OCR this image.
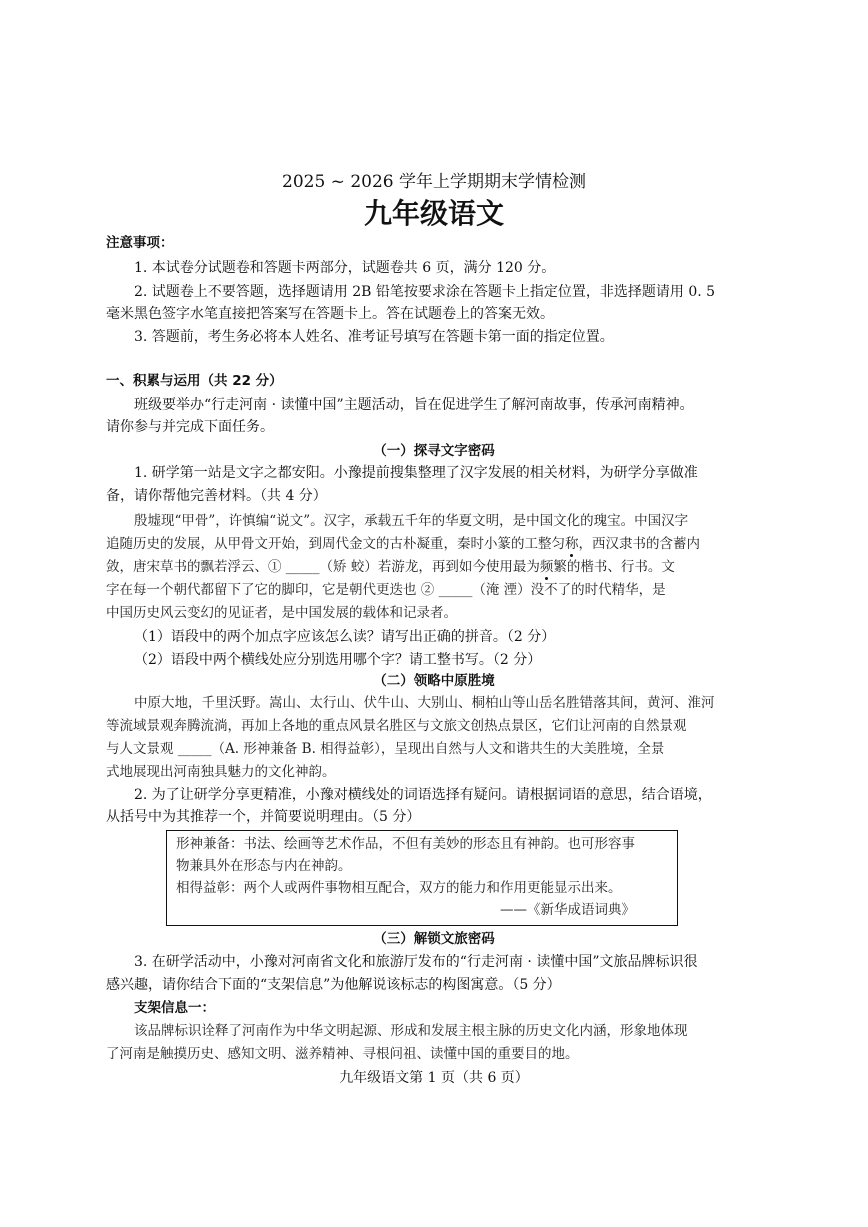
2025 ~ 2026 学年上学期期末学情检测
九年级语文
注意事项：
1. 本试卷分试题卷和答题卡两部分，试题卷共 6 页，满分 120 分。
2. 试题卷上不要答题，选择题请用 2B 铅笔按要求涂在答题卡上指定位置，非选择题请用 0. 5
毫米黑色签字水笔直接把答案写在答题卡上。答在试题卷上的答案无效。
3. 答题前，考生务必将本人姓名、准考证号填写在答题卡第一面的指定位置。
一、积累与运用（共 22 分）
班级要举办“行走河南 · 读懂中国”主题活动，旨在促进学生了解河南故事，传承河南精神。
请你参与并完成下面任务。
（一）探寻文字密码
1. 研学第一站是文字之都安阳。小豫提前搜集整理了汉字发展的相关材料，为研学分享做准
备，请你帮他完善材料。（共 4 分）
殷墟现“甲骨”，许慎编“说文”。汉字，承载五千年的华夏文明，是中国文化的瑰宝。中国汉字
追随历史的发展，从甲骨文开始，到周代金文的古朴凝重，秦时小篆的工整匀称，西汉隶书的含蓄内
敛，唐宋草书的飘若浮云、① _____（矫 蛟）若游龙，再到如今使用最为频繁的楷书、行书。文
字在每一个朝代都留下了它的脚印，它是朝代更迭也 ② _____（淹 湮）没不了的时代精华，是
中国历史风云变幻的见证者，是中国发展的载体和记录者。
（1）语段中的两个加点字应该怎么读？请写出正确的拼音。（2 分）
（2）语段中两个横线处应分别选用哪个字？请工整书写。（2 分）
（二）领略中原胜境
中原大地，千里沃野。嵩山、太行山、伏牛山、大别山、桐柏山等山岳名胜错落其间，黄河、淮河
等流域景观奔腾流淌，再加上各地的重点风景名胜区与文旅文创热点景区，它们让河南的自然景观
与人文景观 _____（A. 形神兼备 B. 相得益彰），呈现出自然与人文和谐共生的大美胜境，全景
式地展现出河南独具魅力的文化神韵。
2. 为了让研学分享更精准，小豫对横线处的词语选择有疑问。请根据词语的意思，结合语境，
从括号中为其推荐一个，并简要说明理由。（5 分）
形神兼备：书法、绘画等艺术作品，不但有美妙的形态且有神韵。也可形容事
物兼具外在形态与内在神韵。
相得益彰：两个人或两件事物相互配合，双方的能力和作用更能显示出来。
——《新华成语词典》
（三）解锁文旅密码
3. 在研学活动中，小豫对河南省文化和旅游厅发布的“行走河南 · 读懂中国”文旅品牌标识很
感兴趣，请你结合下面的“支架信息”为他解说该标志的构图寓意。（5 分）
支架信息一：
该品牌标识诠释了河南作为中华文明起源、形成和发展主根主脉的历史文化内涵，形象地体现
了河南是触摸历史、感知文明、滋养精神、寻根问祖、读懂中国的重要目的地。
九年级语文第 1 页（共 6 页）
